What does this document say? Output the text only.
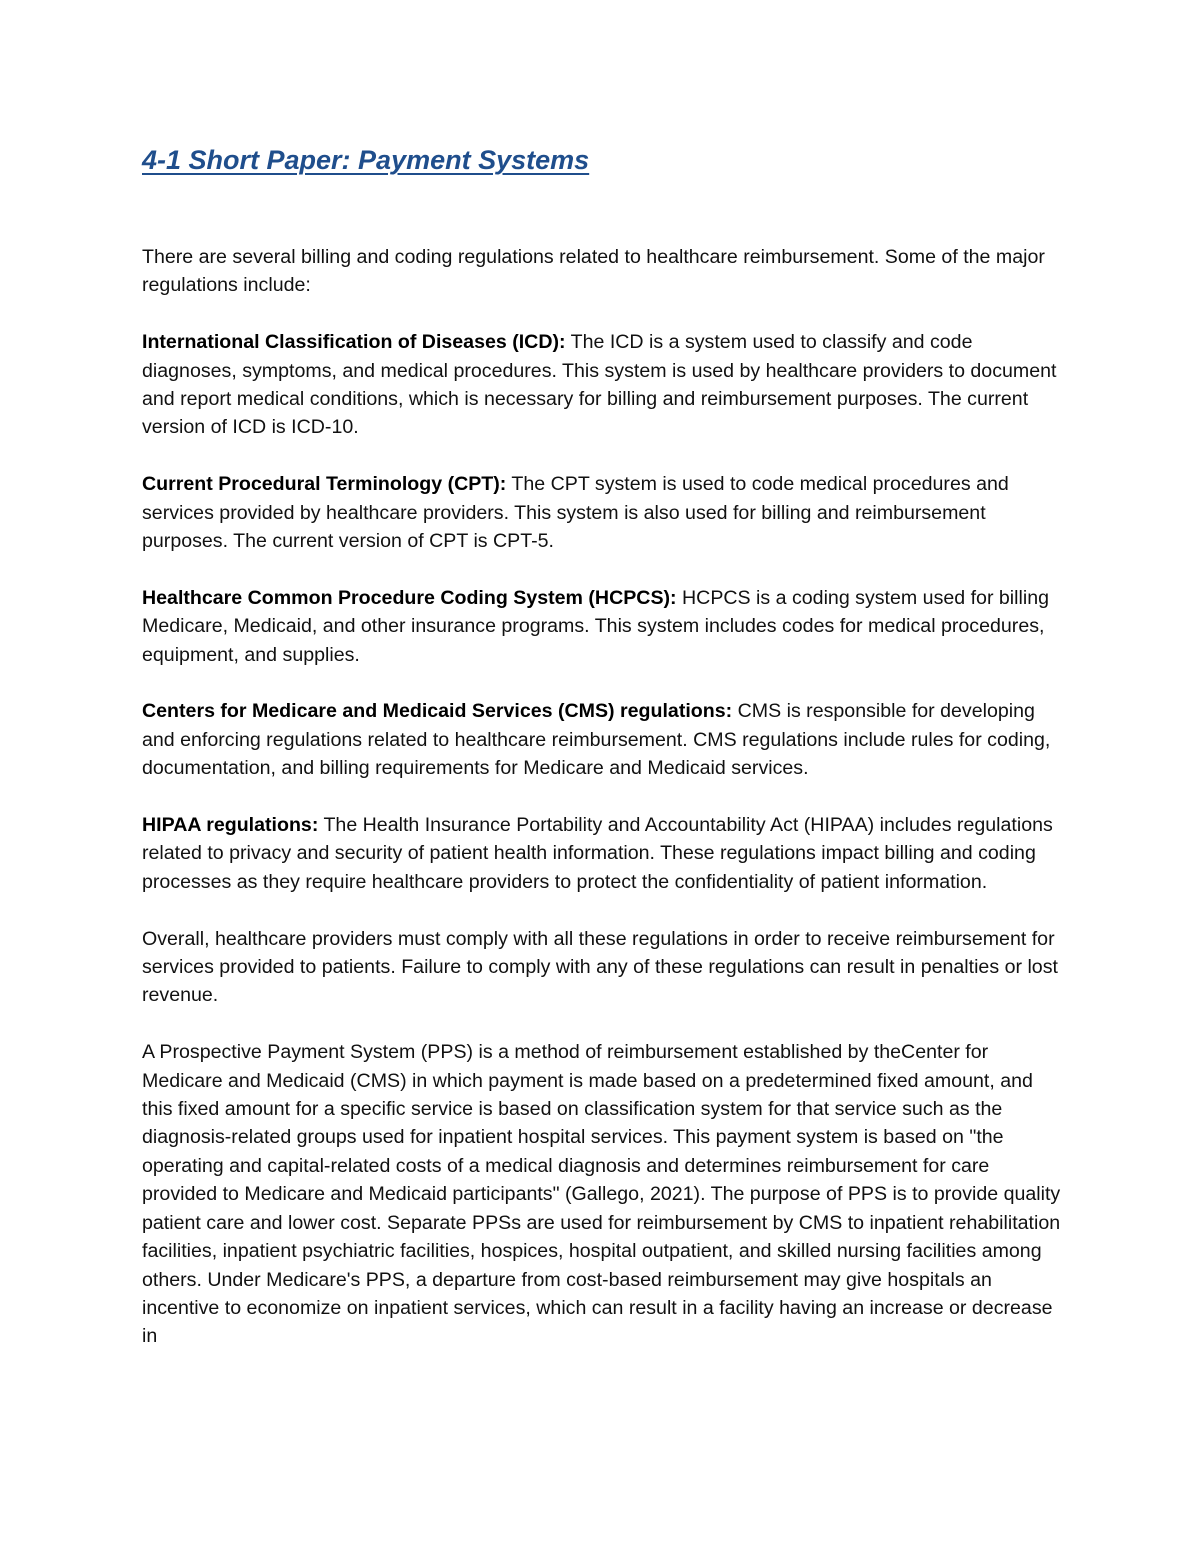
4-1 Short Paper: Payment Systems

There are several billing and coding regulations related to healthcare reimbursement. Some of the major regulations include:

International Classification of Diseases (ICD): The ICD is a system used to classify and code diagnoses, symptoms, and medical procedures. This system is used by healthcare providers to document and report medical conditions, which is necessary for billing and reimbursement purposes. The current version of ICD is ICD-10.

Current Procedural Terminology (CPT): The CPT system is used to code medical procedures and services provided by healthcare providers. This system is also used for billing and reimbursement purposes. The current version of CPT is CPT-5.

Healthcare Common Procedure Coding System (HCPCS): HCPCS is a coding system used for billing Medicare, Medicaid, and other insurance programs. This system includes codes for medical procedures, equipment, and supplies.

Centers for Medicare and Medicaid Services (CMS) regulations: CMS is responsible for developing and enforcing regulations related to healthcare reimbursement. CMS regulations include rules for coding, documentation, and billing requirements for Medicare and Medicaid services.

HIPAA regulations: The Health Insurance Portability and Accountability Act (HIPAA) includes regulations related to privacy and security of patient health information. These regulations impact billing and coding processes as they require healthcare providers to protect the confidentiality of patient information.

Overall, healthcare providers must comply with all these regulations in order to receive reimbursement for services provided to patients. Failure to comply with any of these regulations can result in penalties or lost revenue.

A Prospective Payment System (PPS) is a method of reimbursement established by theCenter for Medicare and Medicaid (CMS) in which payment is made based on a predetermined fixed amount, and this fixed amount for a specific service is based on classification system for that service such as the diagnosis-related groups used for inpatient hospital services. This payment system is based on "the operating and capital-related costs of a medical diagnosis and determines reimbursement for care provided to Medicare and Medicaid participants" (Gallego, 2021). The purpose of PPS is to provide quality patient care and lower cost. Separate PPSs are used for reimbursement by CMS to inpatient rehabilitation facilities, inpatient psychiatric facilities, hospices, hospital outpatient, and skilled nursing facilities among others. Under Medicare's PPS, a departure from cost-based reimbursement may give hospitals an incentive to economize on inpatient services, which can result in a facility having an increase or decrease in
